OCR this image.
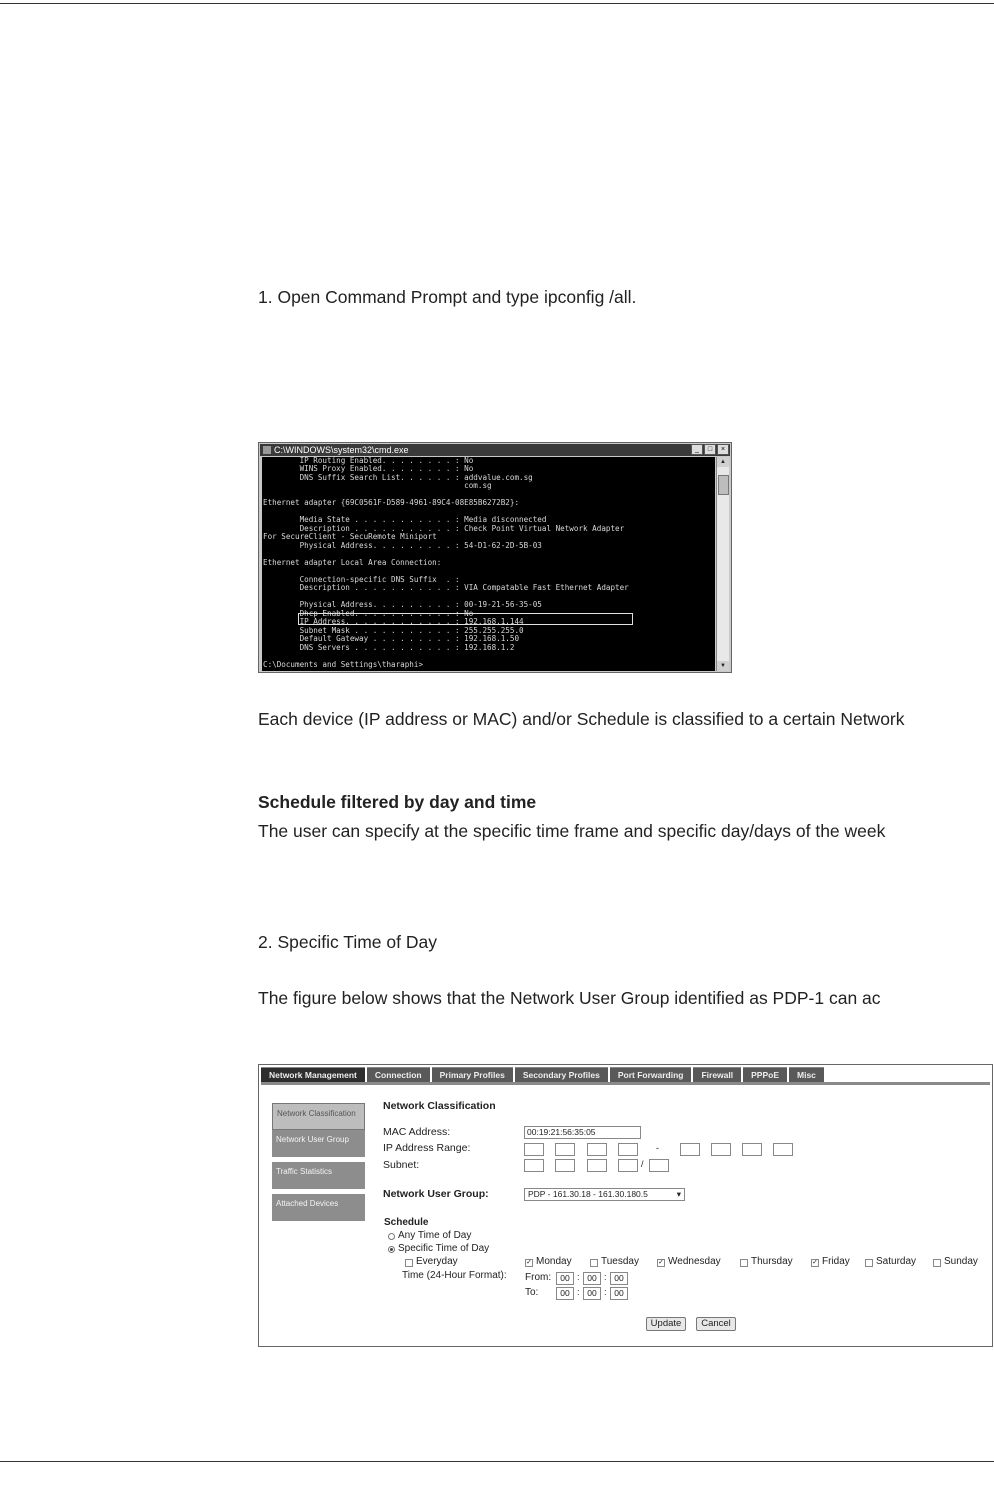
1. Open Command Prompt and type ipconfig /all.
C:\WINDOWS\system32\cmd.exe	_	□	×
IP Routing Enabled. . . . . . . . : No
WINS Proxy Enabled. . . . . . . . : No
DNS Suffix Search List. . . . . . : addvalue.com.sg
com.sg

Ethernet adapter {69C0561F-D589-4961-89C4-08E85B6272B2}:

Media State . . . . . . . . . . . : Media disconnected
Description . . . . . . . . . . . : Check Point Virtual Network Adapter
For SecureClient - SecuRemote Miniport
Physical Address. . . . . . . . . : 54-D1-62-2D-5B-03

Ethernet adapter Local Area Connection:

Connection-specific DNS Suffix  . :
Description . . . . . . . . . . . : VIA Compatable Fast Ethernet Adapter

Physical Address. . . . . . . . . : 00-19-21-56-35-05
Dhcp Enabled. . . . . . . . . . . : No
IP Address. . . . . . . . . . . . : 192.168.1.144
Subnet Mask . . . . . . . . . . . : 255.255.255.0
Default Gateway . . . . . . . . . : 192.168.1.50
DNS Servers . . . . . . . . . . . : 192.168.1.2

C:\Documents and Settings\tharaphi>

▲
▼
Each device (IP address or MAC) and/or Schedule is classified to a certain Network
Schedule filtered by day and time
The user can specify at the specific time frame and specific day/days of the week
2. Specific Time of Day
The figure below shows that the Network User Group identified as PDP-1 can ac
Network Management	Connection	Primary Profiles	Secondary Profiles	Port Forwarding	Firewall	PPPoE	Misc
Network Classification
Network User Group
Traffic Statistics
Attached Devices
Network Classification
MAC Address:	00:19:21:56:35:05
IP Address Range:	-
Subnet:	/
Network User Group:	PDP - 161.30.18 - 161.30.180.5	▾
Schedule
Any Time of Day
Specific Time of Day
Everyday	✓ Monday	Tuesday	✓ Wednesday	Thursday	✓ Friday	Saturday	Sunday
Time (24-Hour Format): From:	00 : 00 : 00
To:	00 : 00 : 00
Update	Cancel
